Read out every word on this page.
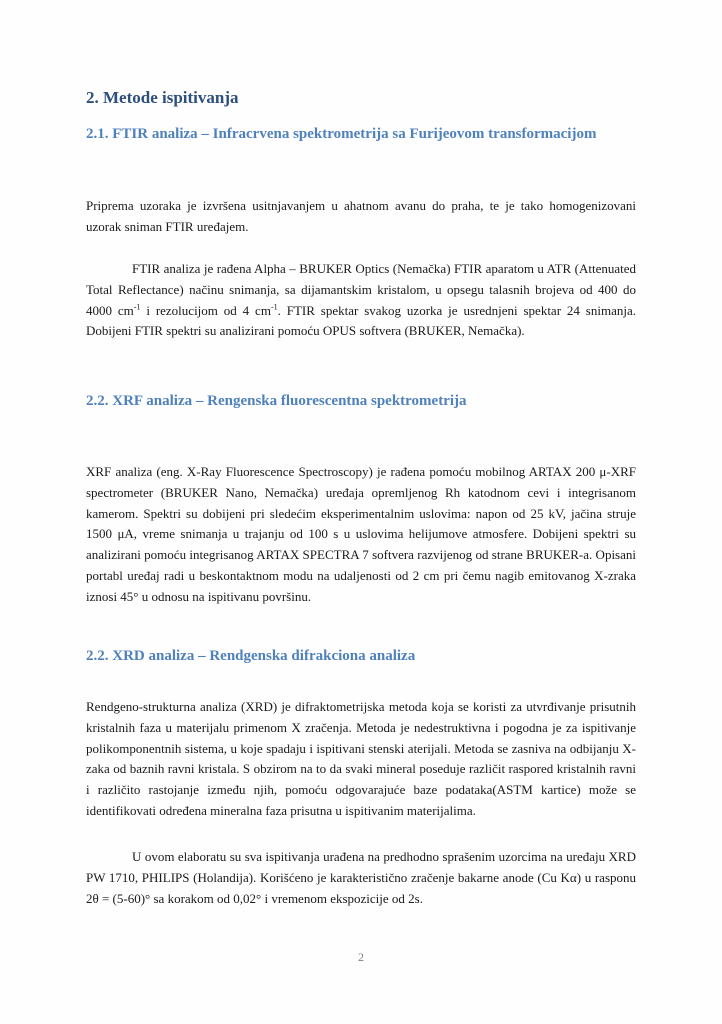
2. Metode ispitivanja
2.1. FTIR analiza – Infracrvena spektrometrija sa Furijeovom transformacijom

Priprema uzoraka je izvršena usitnjavanjem u ahatnom avanu do praha, te je tako homogenizovani uzorak sniman FTIR uređajem.

FTIR analiza je rađena Alpha – BRUKER Optics (Nemačka) FTIR aparatom u ATR (Attenuated Total Reflectance) načinu snimanja, sa dijamantskim kristalom, u opsegu talasnih brojeva od 400 do 4000 $cm^{-1}$ i rezolucijom od 4 $cm^{-1}$. FTIR spektar svakog uzorka je usrednjeni spektar 24 snimanja. Dobijeni FTIR spektri su analizirani pomoću OPUS softvera (BRUKER, Nemačka).

2.2. XRF analiza – Rengenska fluorescentna spektrometrija

XRF analiza (eng. X-Ray Fluorescence Spectroscopy) je rađena pomoću mobilnog ARTAX 200 μ-XRF spectrometer (BRUKER Nano, Nemačka) uređaja opremljenog Rh katodnom cevi i integrisanom kamerom. Spektri su dobijeni pri sledećim eksperimentalnim uslovima: napon od 25 kV, jačina struje 1500 μA, vreme snimanja u trajanju od 100 s u uslovima helijumove atmosfere. Dobijeni spektri su analizirani pomoću integrisanog ARTAX SPECTRA 7 softvera razvijenog od strane BRUKER-a. Opisani portabl uređaj radi u beskontaktnom modu na udaljenosti od 2 cm pri čemu nagib emitovanog X-zraka iznosi 45° u odnosu na ispitivanu površinu.

2.2. XRD analiza – Rendgenska difrakciona analiza

Rendgeno-strukturna analiza (XRD) je difraktometrijska metoda koja se koristi za utvrđivanje prisutnih kristalnih faza u materijalu primenom X zračenja. Metoda je nedestruktivna i pogodna je za ispitivanje polikomponentnih sistema, u koje spadaju i ispitivani stenski aterijali. Metoda se zasniva na odbijanju X-zaka od baznih ravni kristala. S obzirom na to da svaki mineral poseduje različit raspored kristalnih ravni i različito rastojanje između njih, pomoću odgovarajuće baze podataka(ASTM kartice) može se identifikovati određena mineralna faza prisutna u ispitivanim materijalima.

U ovom elaboratu su sva ispitivanja urađena na predhodno sprašenim uzorcima na uređaju XRD PW 1710, PHILIPS (Holandija). Korišćeno je karakteristično zračenje bakarne anode (Cu Kα) u rasponu 2θ = (5-60)° sa korakom od 0,02° i vremenom ekspozicije od 2s.

2
